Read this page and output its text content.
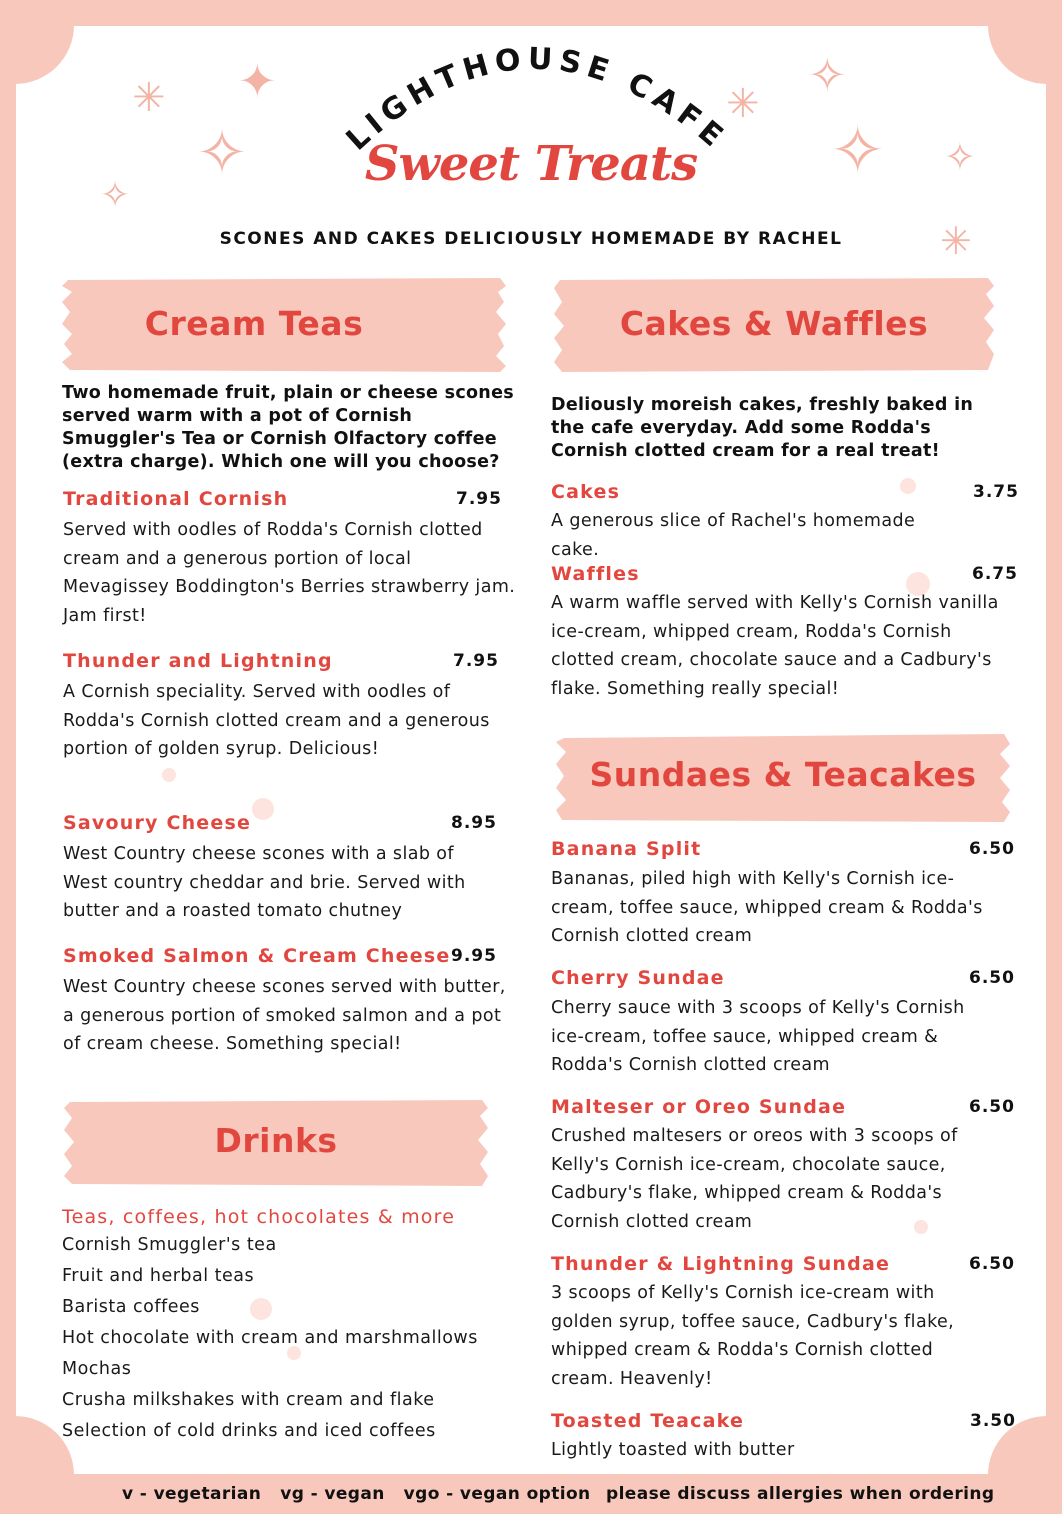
✳ ✦
✧
✧
✧
✳
✧ ✧
✳
LIGHTHOUSE CAFE
Sweet Treats
SCONES AND CAKES DELICIOUSLY HOMEMADE BY RACHEL
Cream Teas
Two homemade fruit, plain or cheese scones served warm with a pot of Cornish Smuggler's Tea or Cornish Olfactory coffee (extra charge). Which one will you choose?
Traditional Cornish	7.95
Served with oodles of Rodda's Cornish clotted cream and a generous portion of local Mevagissey Boddington's Berries strawberry jam. Jam first!
Thunder and Lightning	7.95
A Cornish speciality. Served with oodles of Rodda's Cornish clotted cream and a generous portion of golden syrup. Delicious!
Savoury Cheese	8.95
West Country cheese scones with a slab of West country cheddar and brie. Served with butter and a roasted tomato chutney
Smoked Salmon & Cream Cheese 9.95
West Country cheese scones served with butter, a generous portion of smoked salmon and a pot of cream cheese. Something special!
Drinks
Teas, coffees, hot chocolates & more
Cornish Smuggler's tea
Fruit and herbal teas
Barista coffees
Hot chocolate with cream and marshmallows
Mochas
Crusha milkshakes with cream and flake
Selection of cold drinks and iced coffees
Cakes & Waffles
Deliously moreish cakes, freshly baked in the cafe everyday. Add some Rodda's Cornish clotted cream for a real treat!
Cakes	3.75
A generous slice of Rachel's homemade cake.
Waffles	6.75
A warm waffle served with Kelly's Cornish vanilla ice-cream, whipped cream, Rodda's Cornish clotted cream, chocolate sauce and a Cadbury's flake. Something really special!
Sundaes & Teacakes
Banana Split	6.50
Bananas, piled high with Kelly's Cornish ice-cream, toffee sauce, whipped cream & Rodda's Cornish clotted cream
Cherry Sundae	6.50
Cherry sauce with 3 scoops of Kelly's Cornish ice-cream, toffee sauce, whipped cream & Rodda's Cornish clotted cream
Malteser or Oreo Sundae	6.50
Crushed maltesers or oreos with 3 scoops of Kelly's Cornish ice-cream, chocolate sauce, Cadbury's flake, whipped cream & Rodda's Cornish clotted cream
Thunder & Lightning Sundae	6.50
3 scoops of Kelly's Cornish ice-cream with golden syrup, toffee sauce, Cadbury's flake, whipped cream & Rodda's Cornish clotted cream. Heavenly!
Toasted Teacake	3.50
Lightly toasted with butter
v - vegetarian   vg - vegan   vgo - vegan option please discuss allergies when ordering
